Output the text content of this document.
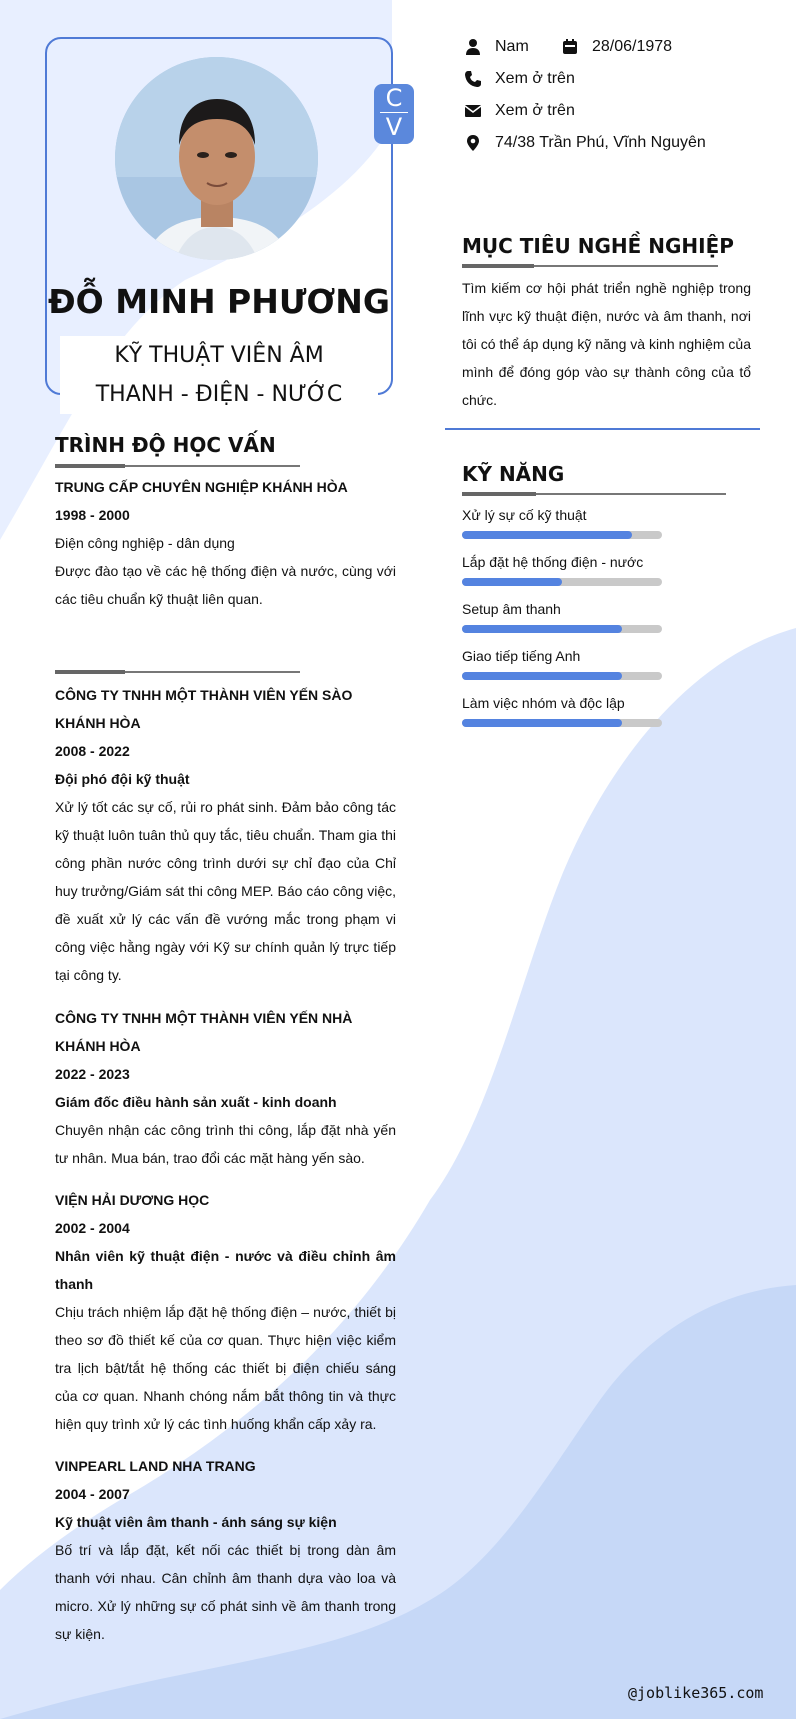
C
V
ĐỖ MINH PHƯƠNG
KỸ THUẬT VIÊN ÂM
THANH - ĐIỆN - NƯỚC
Nam	28/06/1978
Xem ở trên
Xem ở trên
74/38 Trần Phú, Vĩnh Nguyên
MỤC TIÊU NGHỀ NGHIỆP
Tìm kiếm cơ hội phát triển nghề nghiệp trong lĩnh vực kỹ thuật điện, nước và âm thanh, nơi tôi có thể áp dụng kỹ năng và kinh nghiệm của mình để đóng góp vào sự thành công của tổ chức.
KỸ NĂNG
Xử lý sự cố kỹ thuật
Lắp đặt hệ thống điện - nước
Setup âm thanh
Giao tiếp tiếng Anh
Làm việc nhóm và độc lập
TRÌNH ĐỘ HỌC VẤN
TRUNG CẤP CHUYÊN NGHIỆP KHÁNH HÒA
1998 - 2000
Điện công nghiệp - dân dụng
Được đào tạo về các hệ thống điện và nước, cùng với các tiêu chuẩn kỹ thuật liên quan.
CÔNG TY TNHH MỘT THÀNH VIÊN YẾN SÀO KHÁNH HÒA
2008 - 2022
Đội phó đội kỹ thuật
Xử lý tốt các sự cố, rủi ro phát sinh. Đảm bảo công tác kỹ thuật luôn tuân thủ quy tắc, tiêu chuẩn. Tham gia thi công phần nước công trình dưới sự chỉ đạo của Chỉ huy trưởng/Giám sát thi công MEP. Báo cáo công việc, đề xuất xử lý các vấn đề vướng mắc trong phạm vi công việc hằng ngày với Kỹ sư chính quản lý trực tiếp tại công ty.
CÔNG TY TNHH MỘT THÀNH VIÊN YẾN NHÀ KHÁNH HÒA
2022 - 2023
Giám đốc điều hành sản xuất - kinh doanh
Chuyên nhận các công trình thi công, lắp đặt nhà yến tư nhân. Mua bán, trao đổi các mặt hàng yến sào.
VIỆN HẢI DƯƠNG HỌC
2002 - 2004
Nhân viên kỹ thuật điện - nước và điều chỉnh âm thanh
Chịu trách nhiệm lắp đặt hệ thống điện – nước, thiết bị theo sơ đồ thiết kế của cơ quan. Thực hiện việc kiểm tra lịch bật/tắt hệ thống các thiết bị điện chiếu sáng của cơ quan. Nhanh chóng nắm bắt thông tin và thực hiện quy trình xử lý các tình huống khẩn cấp xảy ra.
VINPEARL LAND NHA TRANG
2004 - 2007
Kỹ thuật viên âm thanh - ánh sáng sự kiện
Bố trí và lắp đặt, kết nối các thiết bị trong dàn âm thanh với nhau. Cân chỉnh âm thanh dựa vào loa và micro. Xử lý những sự cố phát sinh về âm thanh trong sự kiện.
@joblike365.com
